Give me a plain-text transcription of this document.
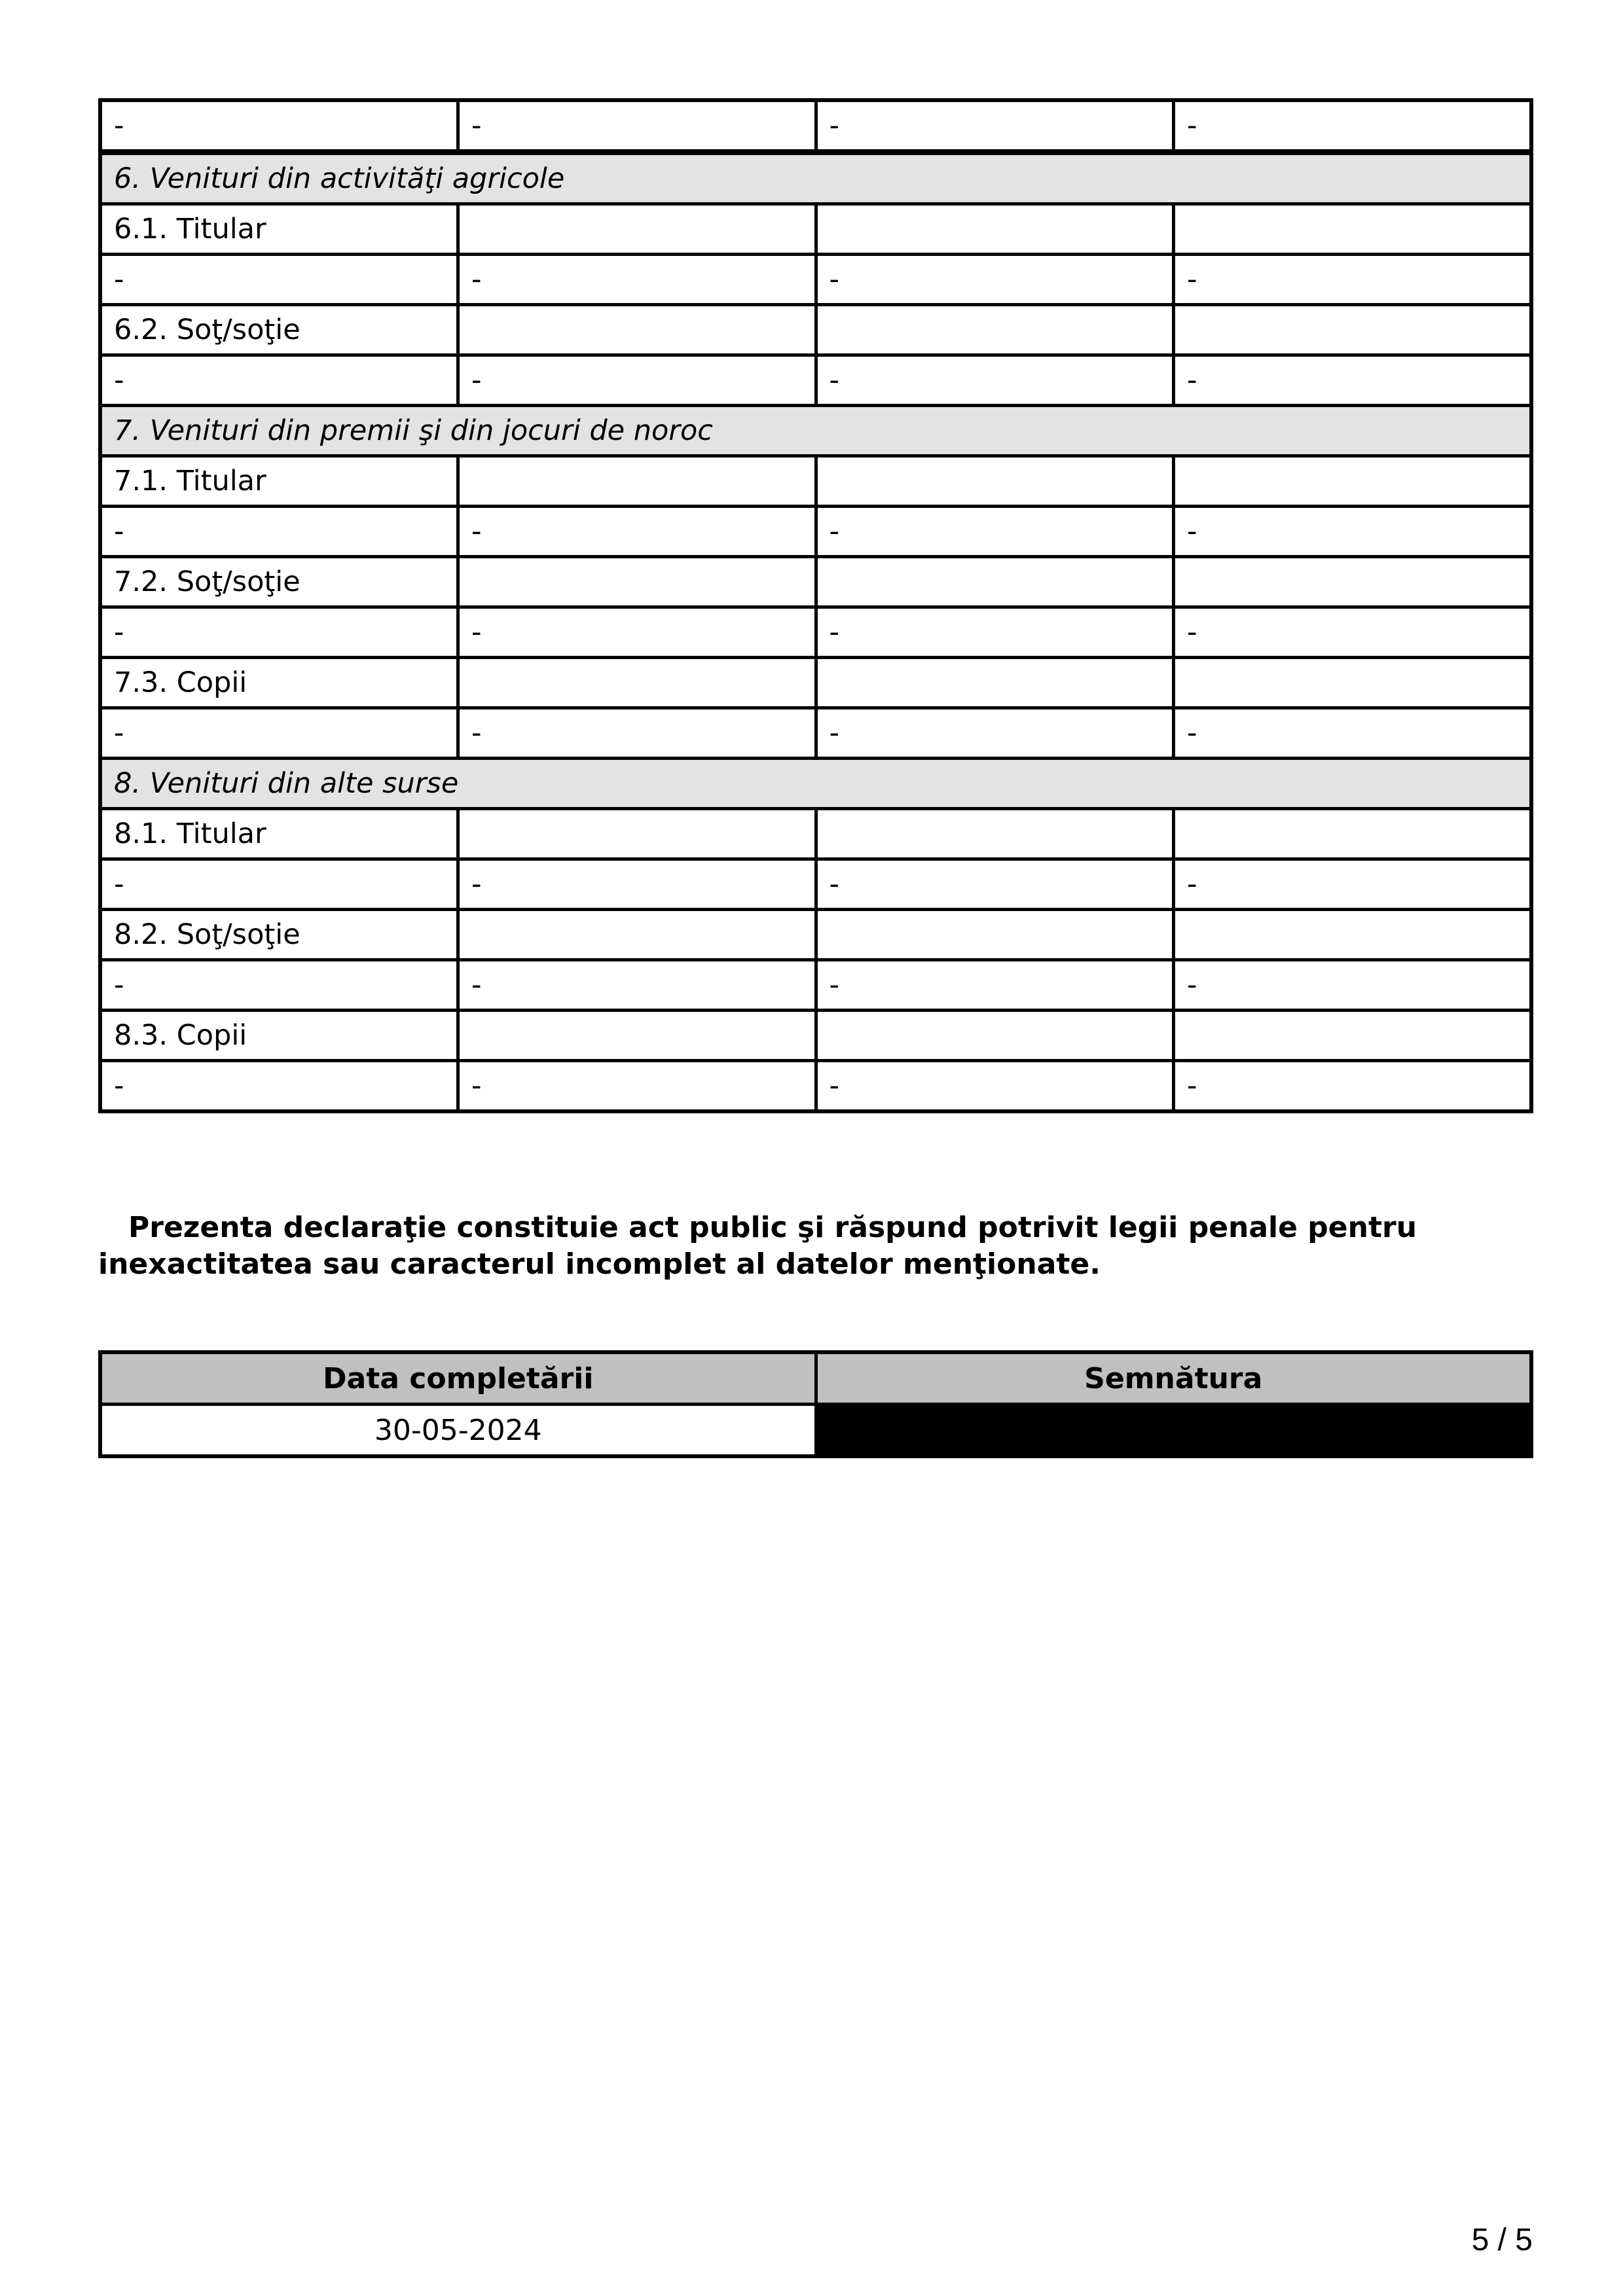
-	-	-	-
6. Venituri din activităţi agricole			
6.1. Titular			
-	-	-	-
6.2. Soţ/soţie			
-	-	-	-
7. Venituri din premii şi din jocuri de noroc			
7.1. Titular			
-	-	-	-
7.2. Soţ/soţie			
-	-	-	-
7.3. Copii			
-	-	-	-
8. Venituri din alte surse			
8.1. Titular			
-	-	-	-
8.2. Soţ/soţie			
-	-	-	-
8.3. Copii			
-	-	-	-
Prezenta declaraţie constituie act public şi răspund potrivit legii penale pentru inexactitatea sau caracterul incomplet al datelor menţionate.
Data completării	Semnătura
30-05-2024	
5 / 5
